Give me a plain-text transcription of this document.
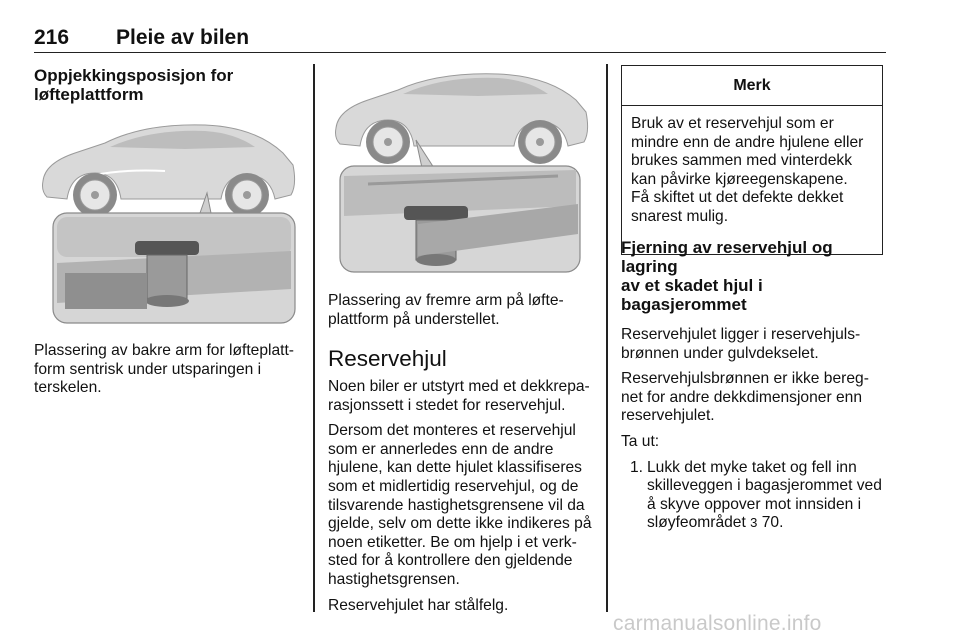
216 Pleie av bilen
Oppjekkingsposisjon for
løfteplattform
Plassering av bakre arm for løfteplatt-
form sentrisk under utsparingen i
terskelen.
Plassering av fremre arm på løfte-
plattform på understellet.
Reservehjul

Noen biler er utstyrt med et dekkrepa-
rasjonssett i stedet for reservehjul.

Dersom det monteres et reservehjul
som er annerledes enn de andre
hjulene, kan dette hjulet klassifiseres
som et midlertidig reservehjul, og de
tilsvarende hastighetsgrensene vil da
gjelde, selv om dette ikke indikeres på
noen etiketter. Be om hjelp i et verk-
sted for å kontrollere den gjeldende
hastighetsgrensen.

Reservehjulet har stålfelg.

Merk
Bruk av et reservehjul som er
mindre enn de andre hjulene eller
brukes sammen med vinterdekk
kan påvirke kjøreegenskapene.
Få skiftet ut det defekte dekket
snarest mulig.
Fjerning av reservehjul og lagring
av et skadet hjul i bagasjerommet

Reservehjulet ligger i reservehjuls-
brønnen under gulvdekselet.

Reservehjulsbrønnen er ikke bereg-
net for andre dekkdimensjoner enn
reservehjulet.

Ta ut:

1. Lukk det myke taket og fell inn
skilleveggen i bagasjerommet ved
å skyve oppover mot innsiden i
sløyfeområdet 3 70.
carmanualsonline.info
